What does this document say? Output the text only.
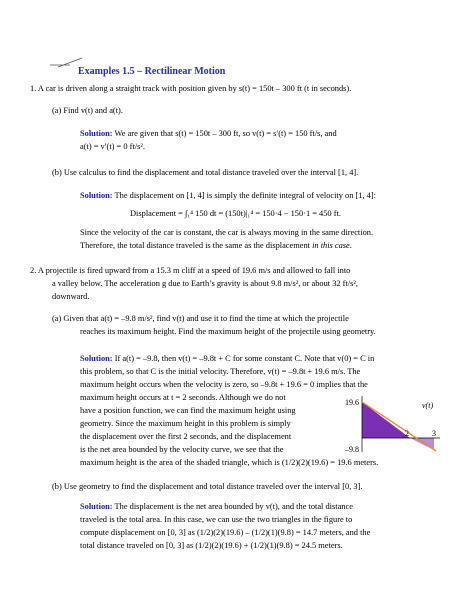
Examples 1.5 – Rectilinear Motion
1. A car is driven along a straight track with position given by s(t) = 150t – 300 ft (t in seconds).
(a) Find v(t) and a(t).
Solution: We are given that s(t) = 150t – 300 ft, so v(t) = s′(t) = 150 ft/s, and
a(t) = v′(t) = 0 ft/s².
(b) Use calculus to find the displacement and total distance traveled over the interval [1, 4].
Solution: The displacement on [1, 4] is simply the definite integral of velocity on [1, 4]:
Displacement = ∫₁⁴ 150 dt = (150t)|₁⁴ = 150·4 − 150·1 = 450 ft.
Since the velocity of the car is constant, the car is always moving in the same direction.
Therefore, the total distance traveled is the same as the displacement in this case.
2. A projectile is fired upward from a 15.3 m cliff at a speed of 19.6 m/s and allowed to fall into
a valley below. The acceleration g due to Earth’s gravity is about 9.8 m/s², or about 32 ft/s²,
downward.
(a) Given that a(t) = –9.8 m/s², find v(t) and use it to find the time at which the projectile
reaches its maximum height. Find the maximum height of the projectile using geometry.
Solution: If a(t) = –9.8, then v(t) = –9.8t + C for some constant C. Note that v(0) = C in
this problem, so that C is the initial velocity. Therefore, v(t) = –9.8t + 19.6 m/s. The
maximum height occurs when the velocity is zero, so –9.8t + 19.6 = 0 implies that the
maximum height occurs at t = 2 seconds. Although we do not
have a position function, we can find the maximum height using
geometry. Since the maximum height in this problem is simply
the displacement over the first 2 seconds, and the displacement
is the net area bounded by the velocity curve, we see that the
maximum height is the area of the shaded triangle, which is (1/2)(2)(19.6) = 19.6 meters.
19.6
–9.8
2	3
v(t)
(b) Use geometry to find the displacement and total distance traveled over the interval [0, 3].
Solution: The displacement is the net area bounded by v(t), and the total distance
traveled is the total area. In this case, we can use the two triangles in the figure to
compute displacement on [0, 3] as (1/2)(2)(19.6) – (1/2)(1)(9.8) = 14.7 meters, and the
total distance traveled on [0, 3] as (1/2)(2)(19.6) + (1/2)(1)(9.8) = 24.5 meters.
